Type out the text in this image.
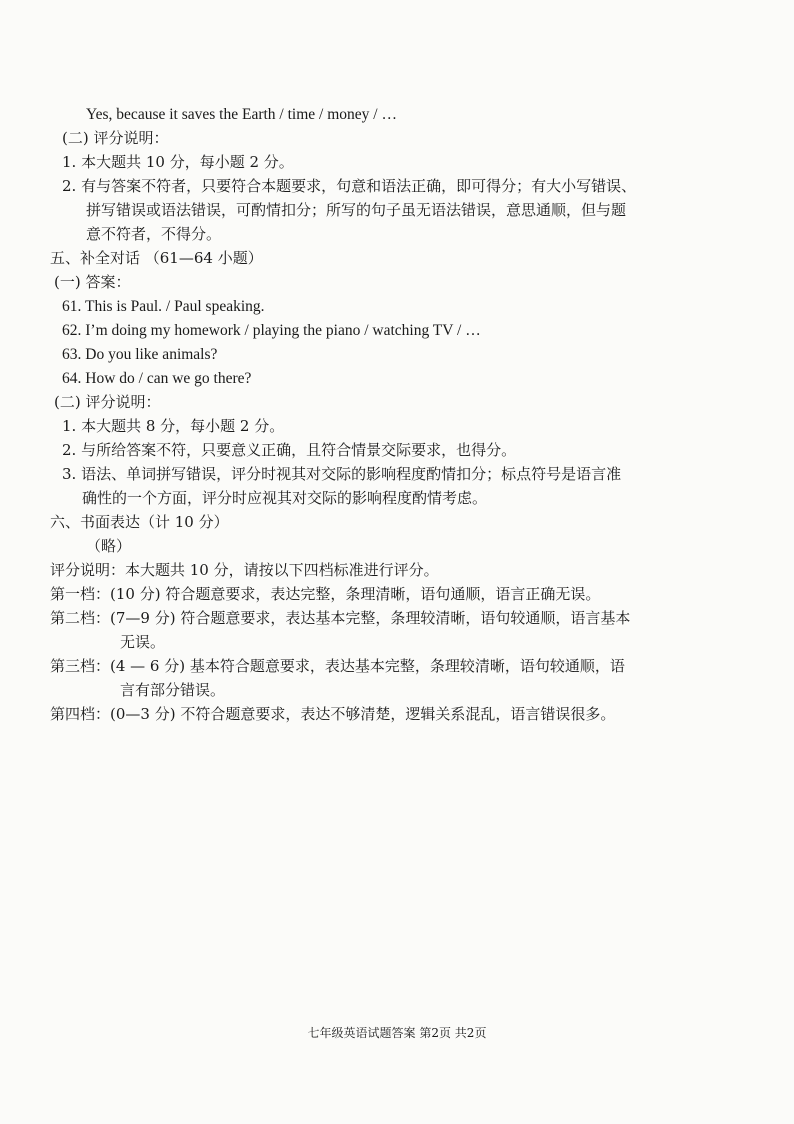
Yes, because it saves the Earth / time / money / …
(二) 评分说明：
1. 本大题共 10 分，每小题 2 分。
2. 有与答案不符者，只要符合本题要求，句意和语法正确，即可得分；有大小写错误、
拼写错误或语法错误，可酌情扣分；所写的句子虽无语法错误，意思通顺，但与题
意不符者，不得分。
五、补全对话 （61—64 小题）
(一) 答案：
61. This is Paul. / Paul speaking.
62. I’m doing my homework / playing the piano / watching TV / …
63. Do you like animals?
64. How do / can we go there?
(二) 评分说明：
1. 本大题共 8 分，每小题 2 分。
2. 与所给答案不符，只要意义正确，且符合情景交际要求，也得分。
3. 语法、单词拼写错误，评分时视其对交际的影响程度酌情扣分；标点符号是语言准
确性的一个方面，评分时应视其对交际的影响程度酌情考虑。
六、书面表达（计 10 分）
（略）
评分说明：本大题共 10 分，请按以下四档标准进行评分。
第一档：(10 分) 符合题意要求，表达完整，条理清晰，语句通顺，语言正确无误。
第二档：(7—9 分) 符合题意要求，表达基本完整，条理较清晰，语句较通顺，语言基本
无误。
第三档：(4 — 6 分) 基本符合题意要求，表达基本完整，条理较清晰，语句较通顺，语
言有部分错误。
第四档：(0—3 分) 不符合题意要求，表达不够清楚，逻辑关系混乱，语言错误很多。
七年级英语试题答案 第2页 共2页
